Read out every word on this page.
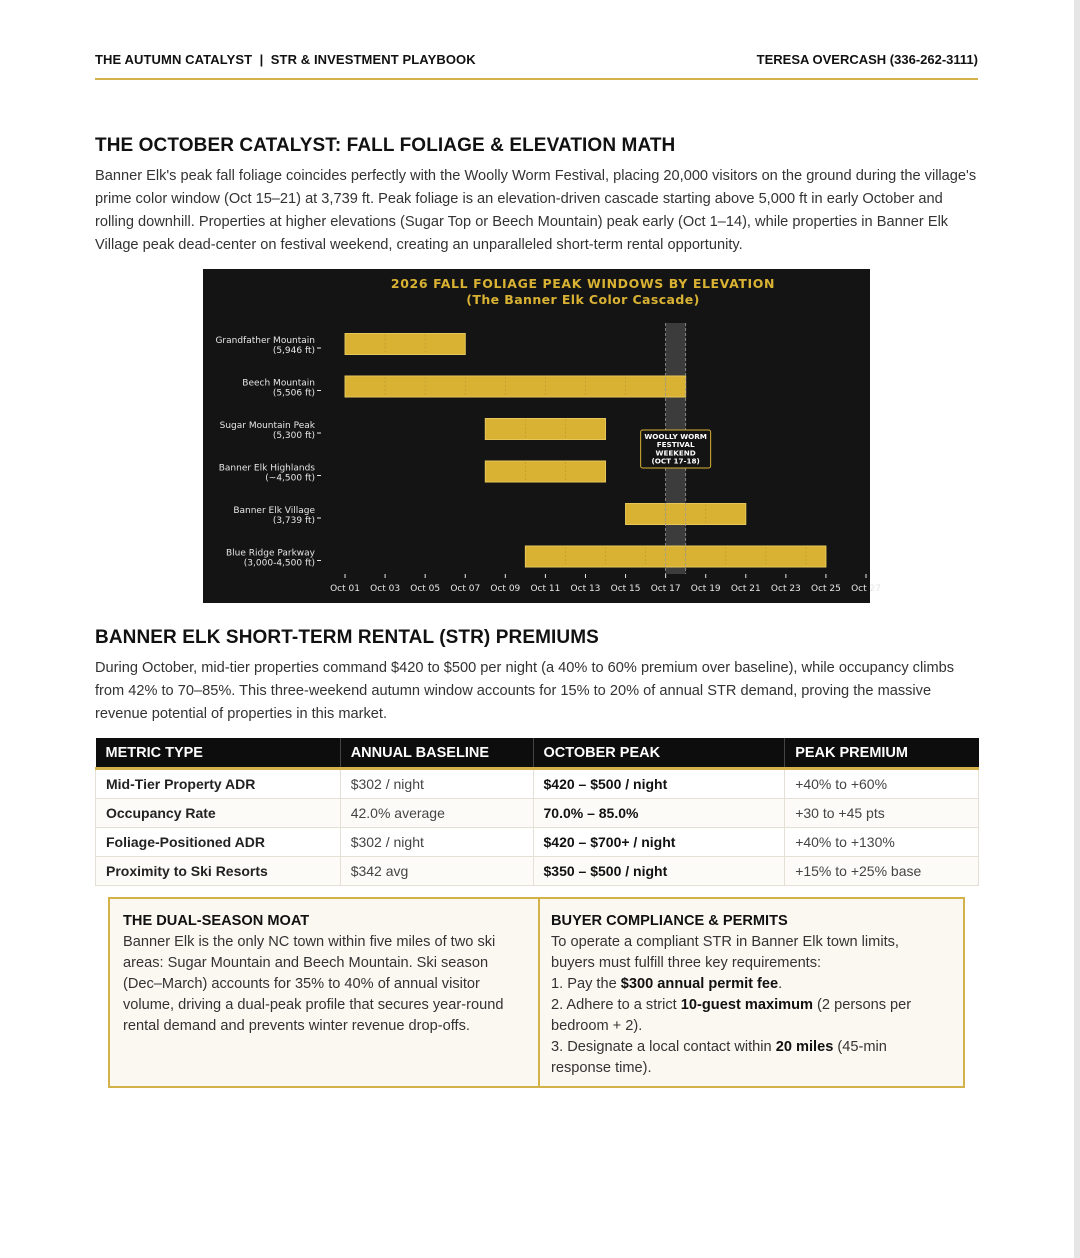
THE AUTUMN CATALYST  |  STR & INVESTMENT PLAYBOOK	TERESA OVERCASH (336-262-3111)
THE OCTOBER CATALYST: FALL FOLIAGE & ELEVATION MATH

Banner Elk's peak fall foliage coincides perfectly with the Woolly Worm Festival, placing 20,000 visitors on the ground during the village's prime color window (Oct 15–21) at 3,739 ft. Peak foliage is an elevation-driven cascade starting above 5,000 ft in early October and rolling downhill. Properties at higher elevations (Sugar Top or Beech Mountain) peak early (Oct 1–14), while properties in Banner Elk Village peak dead-center on festival weekend, creating an unparalleled short-term rental opportunity.

2026 FALL FOLIAGE PEAK WINDOWS BY ELEVATION
(The Banner Elk Color Cascade)
Grandfather Mountain
(5,946 ft)
Beech Mountain
(5,506 ft)
Sugar Mountain Peak
(5,300 ft)
Banner Elk Highlands
(~4,500 ft)
Banner Elk Village
(3,739 ft)
Blue Ridge Parkway
(3,000-4,500 ft)
WOOLLY WORM
FESTIVAL
WEEKEND
(OCT 17-18)
Oct 01 Oct 03 Oct 05 Oct 07 Oct 09 Oct 11 Oct 13 Oct 15 Oct 17 Oct 19 Oct 21 Oct 23 Oct 25 Oct 27
BANNER ELK SHORT-TERM RENTAL (STR) PREMIUMS

During October, mid-tier properties command $420 to $500 per night (a 40% to 60% premium over baseline), while occupancy climbs from 42% to 70–85%. This three-weekend autumn window accounts for 15% to 20% of annual STR demand, proving the massive revenue potential of properties in this market.

METRIC TYPE	ANNUAL BASELINE	OCTOBER PEAK	PEAK PREMIUM
Mid-Tier Property ADR	$302 / night	$420 – $500 / night	+40% to +60%
Occupancy Rate	42.0% average	70.0% – 85.0%	+30 to +45 pts
Foliage-Positioned ADR	$302 / night	$420 – $700+ / night	+40% to +130%
Proximity to Ski Resorts	$342 avg	$350 – $500 / night	+15% to +25% base
THE DUAL-SEASON MOAT
Banner Elk is the only NC town within five miles of two ski areas: Sugar Mountain and Beech Mountain. Ski season (Dec–March) accounts for 35% to 40% of annual visitor volume, driving a dual-peak profile that secures year-round rental demand and prevents winter revenue drop-offs.
BUYER COMPLIANCE & PERMITS
To operate a compliant STR in Banner Elk town limits, buyers must fulfill three key requirements:
1. Pay the $300 annual permit fee.
2. Adhere to a strict 10-guest maximum (2 persons per bedroom + 2).
3. Designate a local contact within 20 miles (45-min response time).
